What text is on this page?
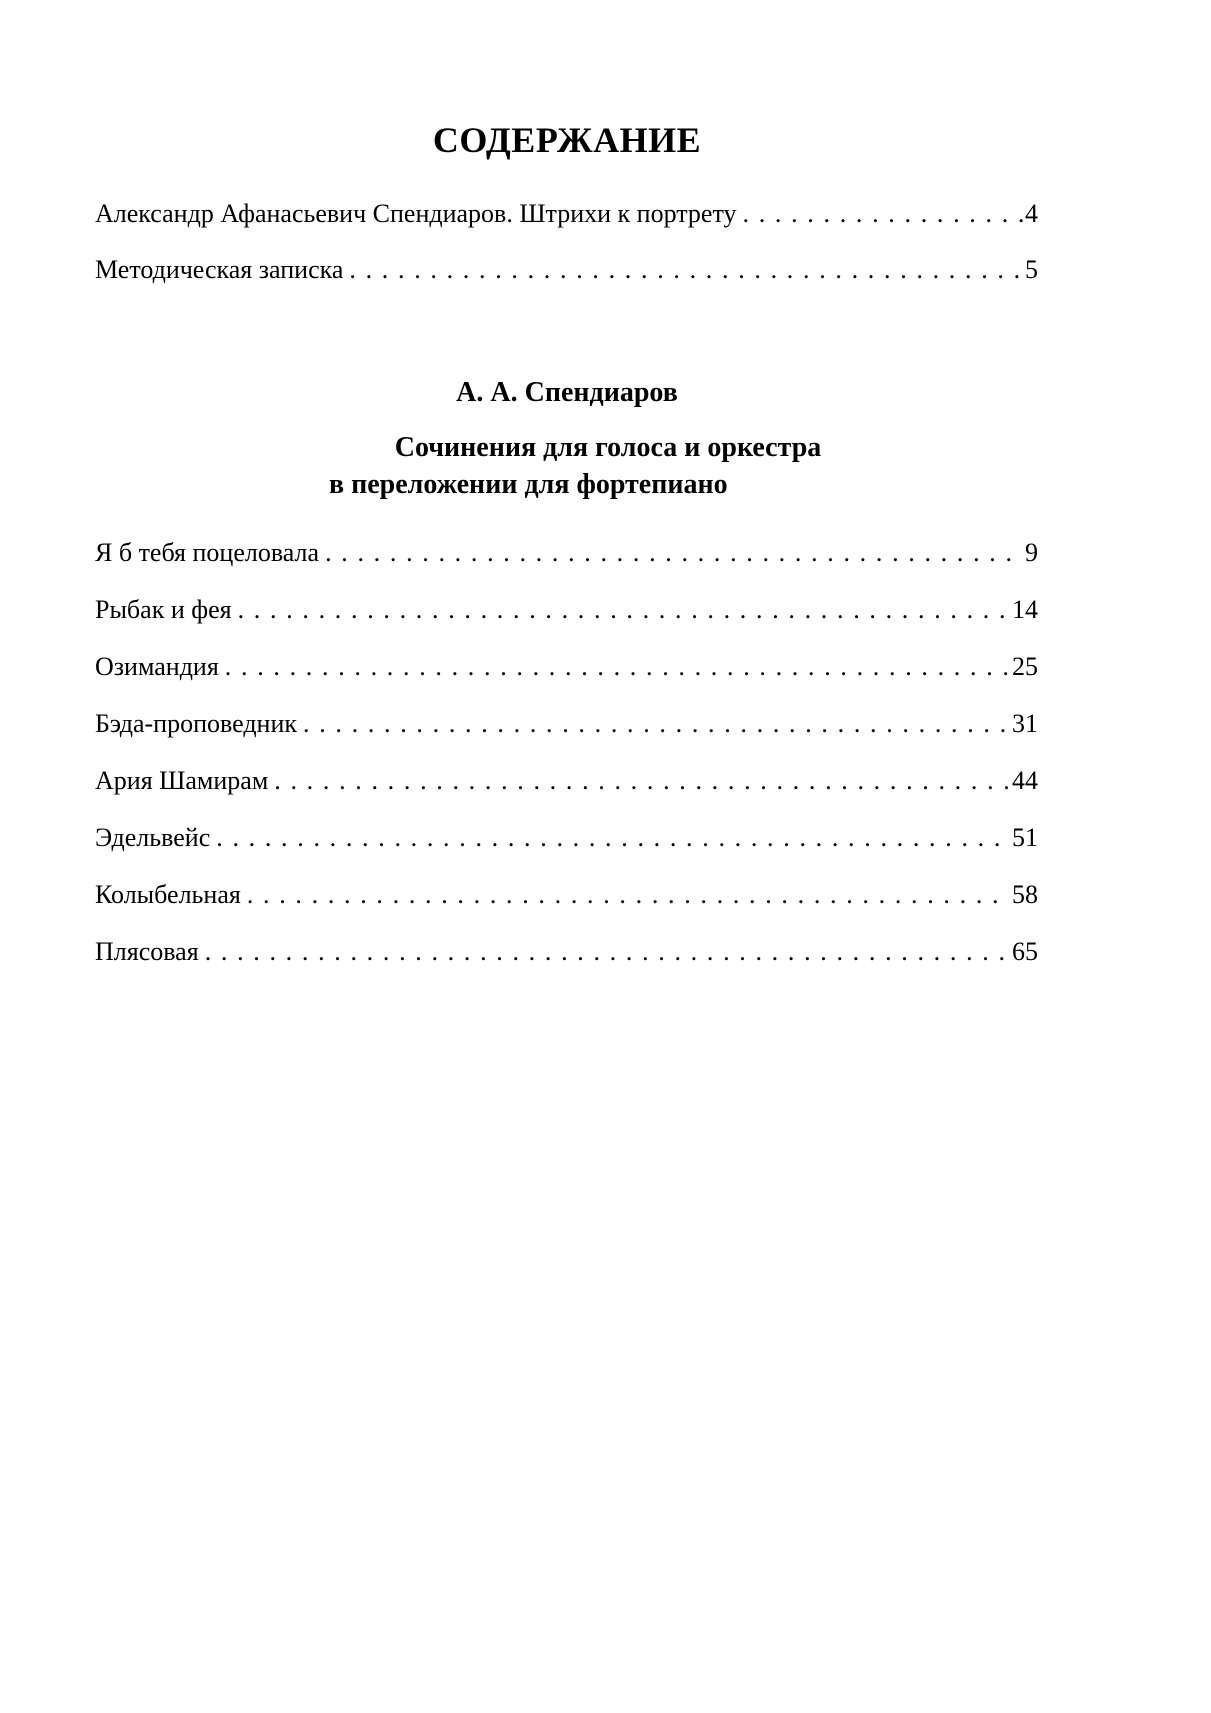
СОДЕРЖАНИЕ
Александр Афанасьевич Спендиаров. Штрихи к портрету . . .	4
Методическая записка . . .	5
А. А. Спендиаров
Сочинения для голоса и оркестра
в переложении для фортепиано
Я б тебя поцеловала . . .	9
Рыбак и фея . . .	14
Озимандия . . .	25
Бэда-проповедник . . .	31
Ария Шамирам . . .	44
Эдельвейс . . .	51
Колыбельная . . .	58
Плясовая . . .	65
